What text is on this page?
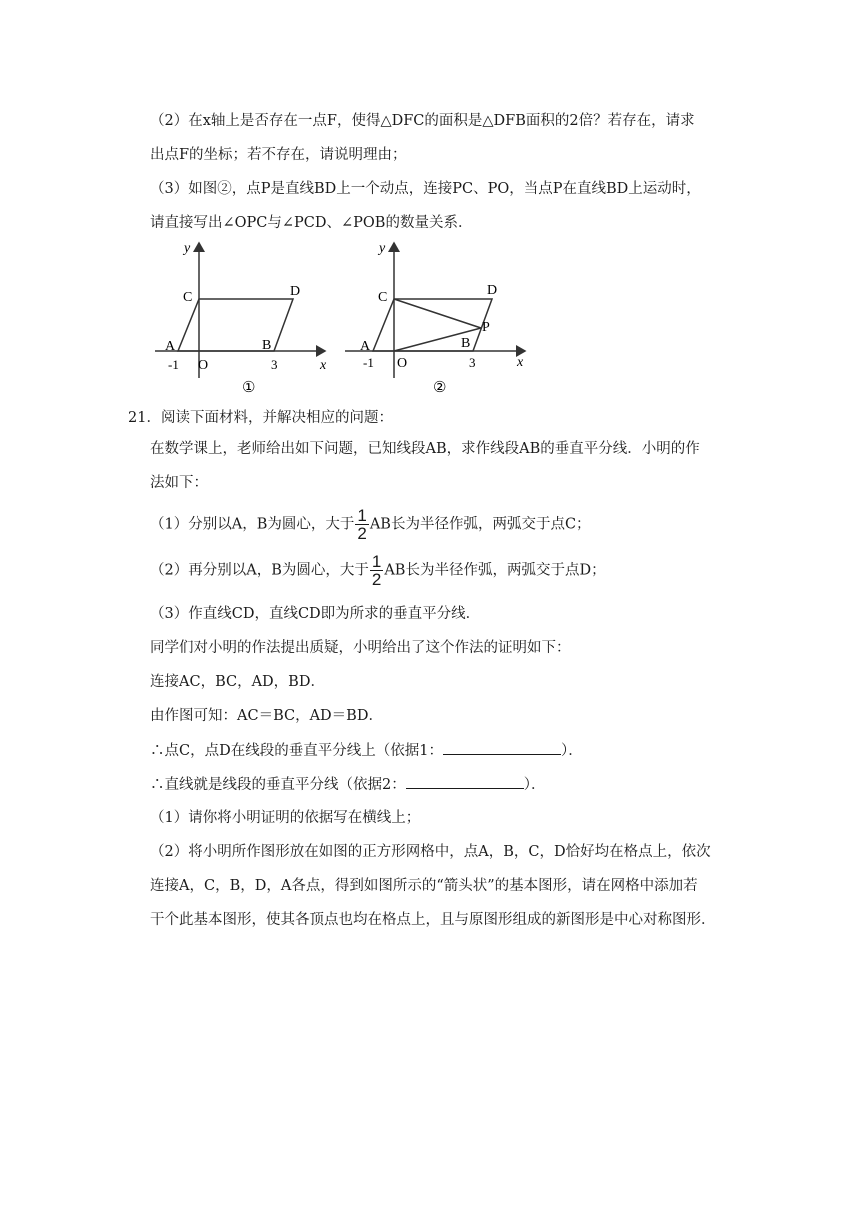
（2）在x轴上是否存在一点F，使得△DFC的面积是△DFB面积的2倍？若存在，请求
出点F的坐标；若不存在，请说明理由；
（3）如图②，点P是直线BD上一个动点，连接PC、PO，当点P在直线BD上运动时，
请直接写出∠OPC与∠PCD、∠POB的数量关系．
y
x
C	D
A	B
O
-1	3
①
y
x
C	D
P
A	B
O
-1	3
②
21．阅读下面材料，并解决相应的问题：
在数学课上，老师给出如下问题，已知线段AB，求作线段AB的垂直平分线．小明的作
法如下：
（1）分别以A，B为圆心，大于 $\frac{1}{2}$ AB长为半径作弧，两弧交于点C；
（2）再分别以A，B为圆心，大于 $\frac{1}{2}$ AB长为半径作弧，两弧交于点D；
（3）作直线CD，直线CD即为所求的垂直平分线．
同学们对小明的作法提出质疑，小明给出了这个作法的证明如下：
连接AC，BC，AD，BD．
由作图可知：AC＝BC，AD＝BD．
∴点C，点D在线段的垂直平分线上（依据1：	）．
∴直线就是线段的垂直平分线（依据2：	）．
（1）请你将小明证明的依据写在横线上；
（2）将小明所作图形放在如图的正方形网格中，点A，B，C，D恰好均在格点上，依次
连接A，C，B，D，A各点，得到如图所示的“箭头状”的基本图形，请在网格中添加若
干个此基本图形，使其各顶点也均在格点上，且与原图形组成的新图形是中心对称图形．
